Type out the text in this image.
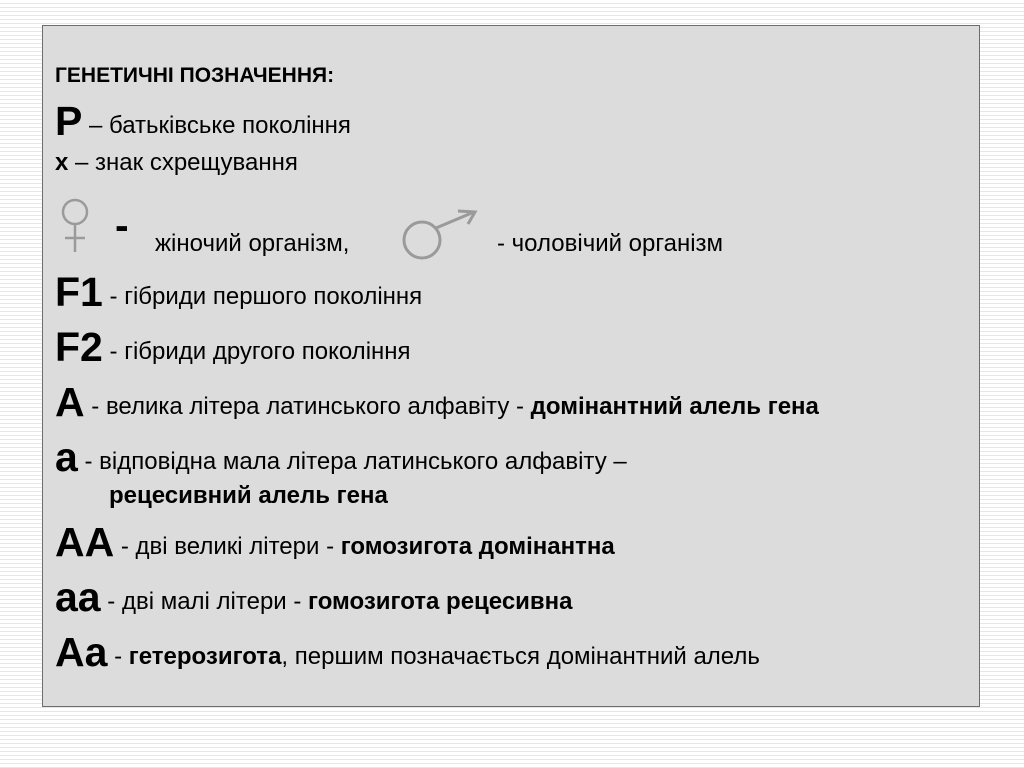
ГЕНЕТИЧНІ ПОЗНАЧЕННЯ:
P – батьківське покоління
x – знак схрещування
- жіночий організм,	- чоловічий організм
F1 - гібриди першого покоління
F2 - гібриди другого покоління
A - велика літера латинського алфавіту - домінантний алель гена
a - відповідна мала літера латинського алфавіту –
рецесивний алель гена
AA - дві великі літери - гомозигота домінантна
aa - дві малі літери - гомозигота рецесивна
Aa - гетерозигота, першим позначається домінантний алель
